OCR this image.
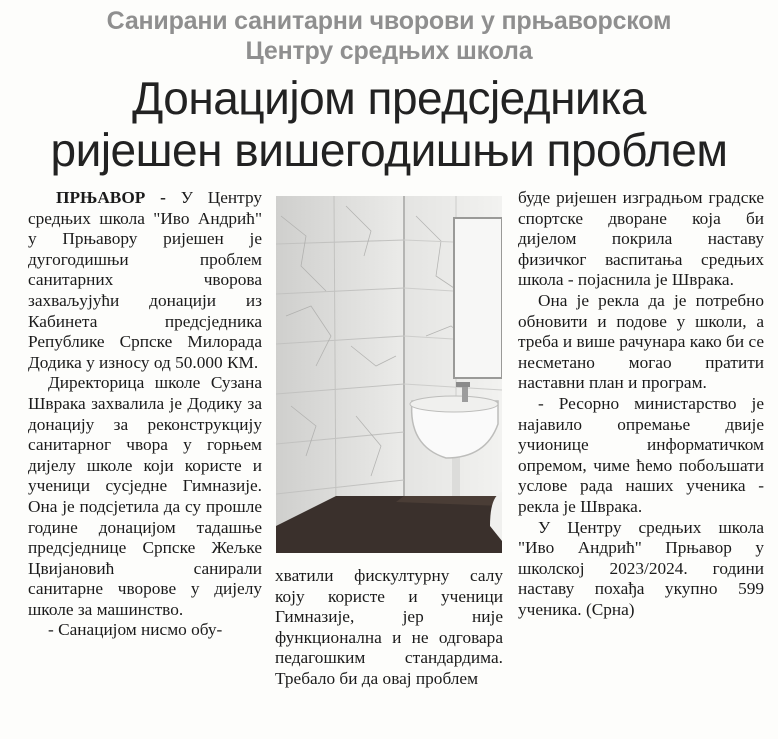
Санирани санитарни чворови у прњаворском
Центру средњих школа
Донацијом предсједника
ријешен вишегодишњи проблем

ПРЊАВОР - У Центру средњих школа "Иво Андрић" у Прњавору ријешен је дугогодишњи проблем санитарних чворова захваљујући донацији из Кабинета предсједника Републике Српске Милорада Додика у износу од 50.000 КМ.

Директорица школе Сузана Шврака захвалила је Додику за донацију за реконструкцију санитарног чвора у горњем дијелу школе који користе и ученици сусједне Гимназије. Она је подсјетила да су прошле године донацијом тадашње предсједнице Српске Жељке Цвијановић санирали санитарне чворове у дијелу школе за машинство.

- Санацијом нисмо обу-

хватили фискултурну салу коју користе и ученици Гимназије, јер није функционална и не одговара педагошким стандардима. Требало би да овај проблем

буде ријешен изградњом градске спортске дворане која би дијелом покрила наставу физичког васпитања средњих школа - појаснила је Шврака.

Она је рекла да је потребно обновити и подове у школи, а треба и више рачунара како би се несметано могао пратити наставни план и програм.

- Ресорно министарство је најавило опремање двије учионице информатичком опремом, чиме ћемо побољшати услове рада наших ученика - рекла је Шврака.

У Центру средњих школа "Иво Андрић" Прњавор у школској 2023/2024. години наставу похађа укупно 599 ученика. (Срна)
